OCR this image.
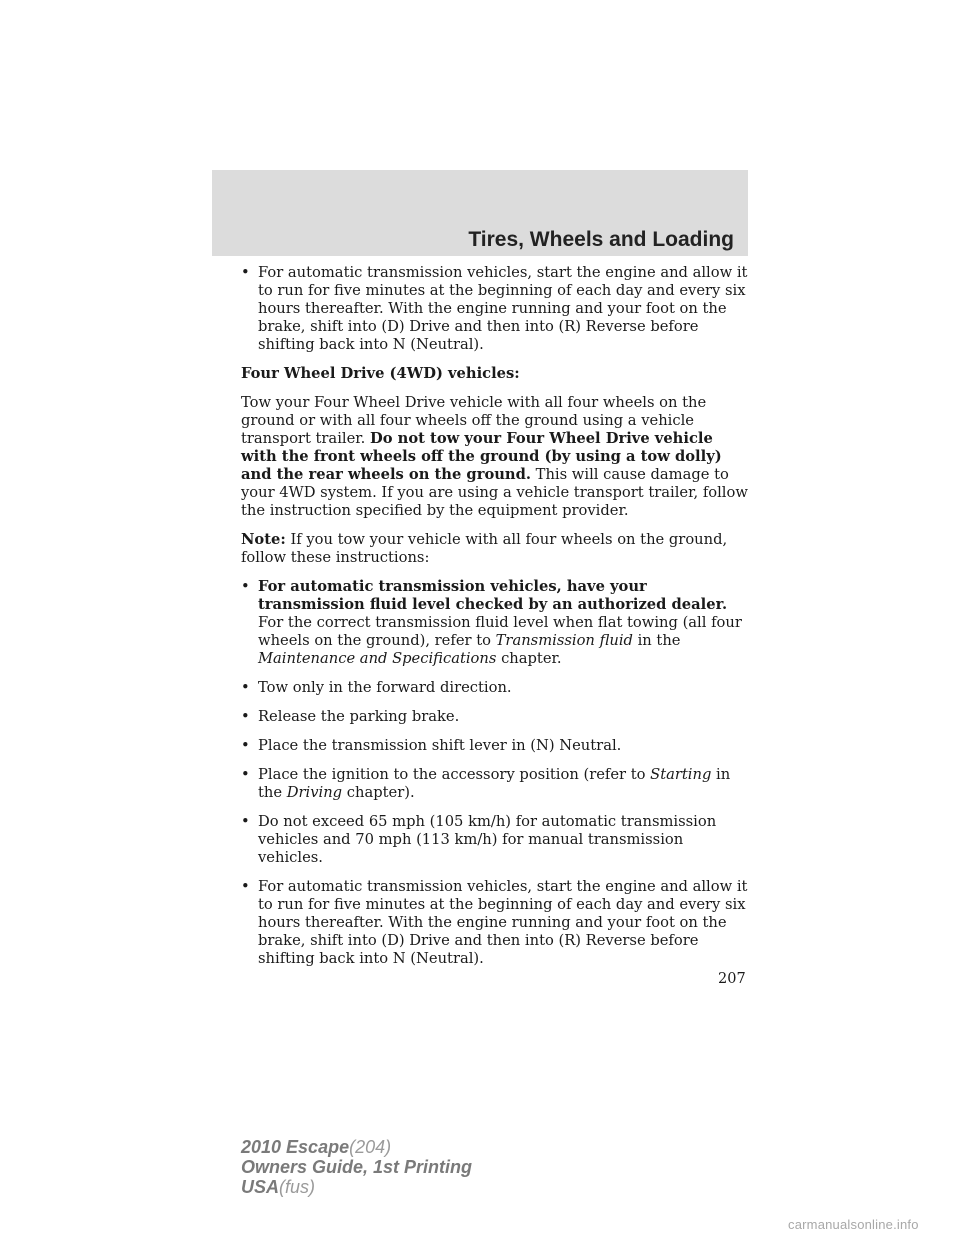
Tires, Wheels and Loading
• For automatic transmission vehicles, start the engine and allow it to run for five minutes at the beginning of each day and every six hours thereafter. With the engine running and your foot on the brake, shift into (D) Drive and then into (R) Reverse before shifting back into N (Neutral).
Four Wheel Drive (4WD) vehicles:
Tow your Four Wheel Drive vehicle with all four wheels on the ground or with all four wheels off the ground using a vehicle transport trailer. Do not tow your Four Wheel Drive vehicle with the front wheels off the ground (by using a tow dolly) and the rear wheels on the ground. This will cause damage to your 4WD system. If you are using a vehicle transport trailer, follow the instruction specified by the equipment provider.
Note: If you tow your vehicle with all four wheels on the ground, follow these instructions:
• For automatic transmission vehicles, have your transmission fluid level checked by an authorized dealer. For the correct transmission fluid level when flat towing (all four wheels on the ground), refer to Transmission fluid in the Maintenance and Specifications chapter.
• Tow only in the forward direction.
• Release the parking brake.
• Place the transmission shift lever in (N) Neutral.
• Place the ignition to the accessory position (refer to Starting in the Driving chapter).
• Do not exceed 65 mph (105 km/h) for automatic transmission vehicles and 70 mph (113 km/h) for manual transmission vehicles.
• For automatic transmission vehicles, start the engine and allow it to run for five minutes at the beginning of each day and every six hours thereafter. With the engine running and your foot on the brake, shift into (D) Drive and then into (R) Reverse before shifting back into N (Neutral).
207
2010 Escape(204)
Owners Guide, 1st Printing
USA(fus)
carmanualsonline.info
